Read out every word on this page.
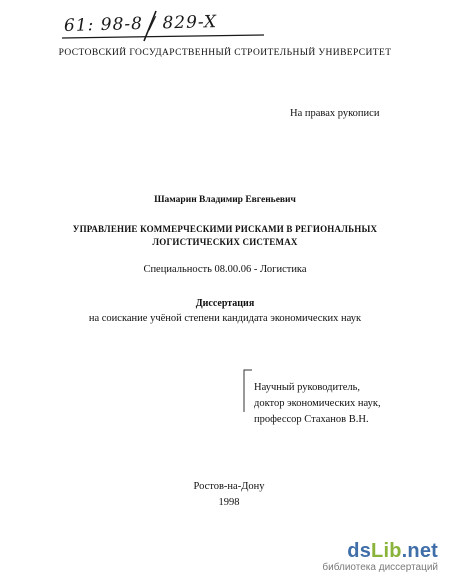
61: 98-8 / 829-X
РОСТОВСКИЙ ГОСУДАРСТВЕННЫЙ СТРОИТЕЛЬНЫЙ УНИВЕРСИТЕТ
На правах рукописи
Шамарин Владимир Евгеньевич
УПРАВЛЕНИЕ КОММЕРЧЕСКИМИ РИСКАМИ В РЕГИОНАЛЬНЫХ
ЛОГИСТИЧЕСКИХ СИСТЕМАХ
Специальность 08.00.06 - Логистика
Диссертация
на соискание учёной степени кандидата экономических наук
Научный руководитель,
доктор экономических наук,
профессор Стаханов В.Н.
Ростов-на-Дону
1998
dsLib.net
библиотека диссертаций
